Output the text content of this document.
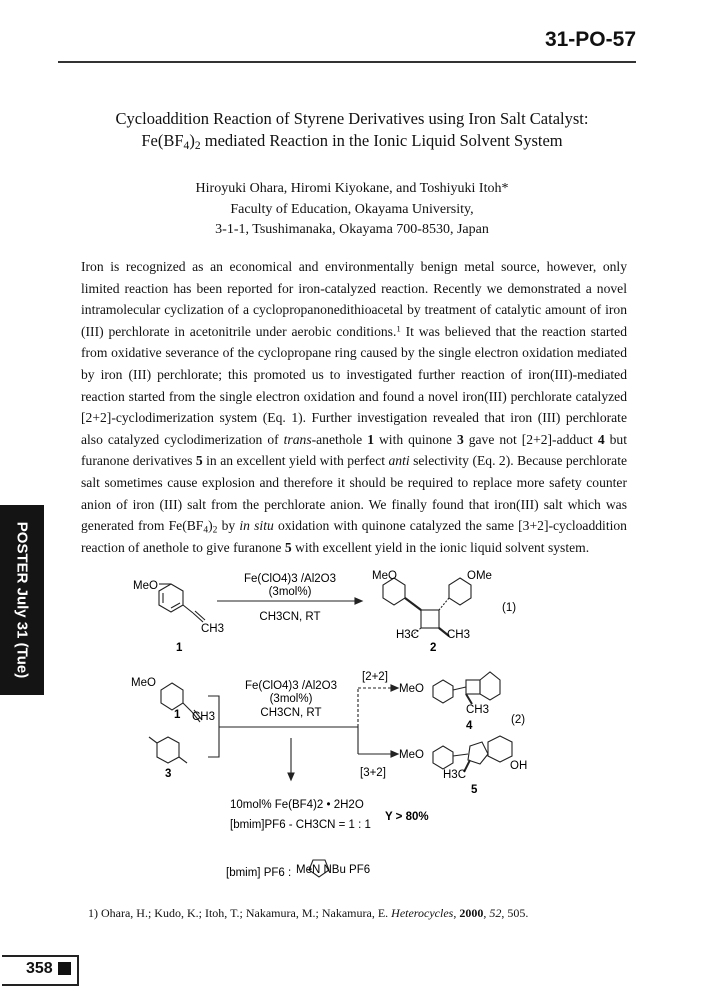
31-PO-57
Cycloaddition Reaction of Styrene Derivatives using Iron Salt Catalyst:
$Fe(BF_4)_2$ mediated Reaction in the Ionic Liquid Solvent System
Hiroyuki Ohara, Hiromi Kiyokane, and Toshiyuki Itoh*
Faculty of Education, Okayama University,
3-1-1, Tsushimanaka, Okayama 700-8530, Japan

Iron is recognized as an economical and environmentally benign metal source, however, only limited reaction has been reported for iron-catalyzed reaction. Recently we demonstrated a novel intramolecular cyclization of a cyclopropanonedithioacetal by treatment of catalytic amount of iron (III) perchlorate in acetonitrile under aerobic conditions.$^1$ It was believed that the reaction started from oxidative severance of the cyclopropane ring caused by the single electron oxidation mediated by iron (III) perchlorate; this promoted us to investigated further reaction of iron(III)-mediated reaction started from the single electron oxidation and found a novel iron(III) perchlorate catalyzed [2+2]-cyclodimerization system (Eq. 1). Further investigation revealed that iron (III) perchlorate also catalyzed cyclodimerization of trans-anethole 1 with quinone 3 gave not [2+2]-adduct 4 but furanone derivatives 5 in an excellent yield with perfect anti selectivity (Eq. 2). Because perchlorate salt sometimes cause explosion and therefore it should be required to replace more safety counter anion of iron (III) salt from the perchlorate anion. We finally found that iron(III) salt which was generated from $Fe(BF_4)_2$ by in situ oxidation with quinone catalyzed the same [3+2]-cycloaddition reaction of anethole to give furanone 5 with excellent yield in the ionic liquid solvent system.

POSTER July 31 (Tue)	MeO
CH3
1
Fe(ClO4)3 /Al2O3
(3mol%)
CH3CN, RT
MeO	OMe
H3C CH3
2
(1)
MeO
1 CH3
3
Fe(ClO4)3 /Al2O3
(3mol%)
CH3CN, RT
[2+2]
[3+2]
MeO
CH3
4	(2)
MeO
H3C
OH
5
10mol% Fe(BF4)2 • 2H2O
[bmim]PF6 - CH3CN = 1 : 1
Y > 80%
[bmim] PF6 : MeN NBu PF6
1) Ohara, H.; Kudo, K.; Itoh, T.; Nakamura, M.; Nakamura, E. Heterocycles, 2000, 52, 505.
358
